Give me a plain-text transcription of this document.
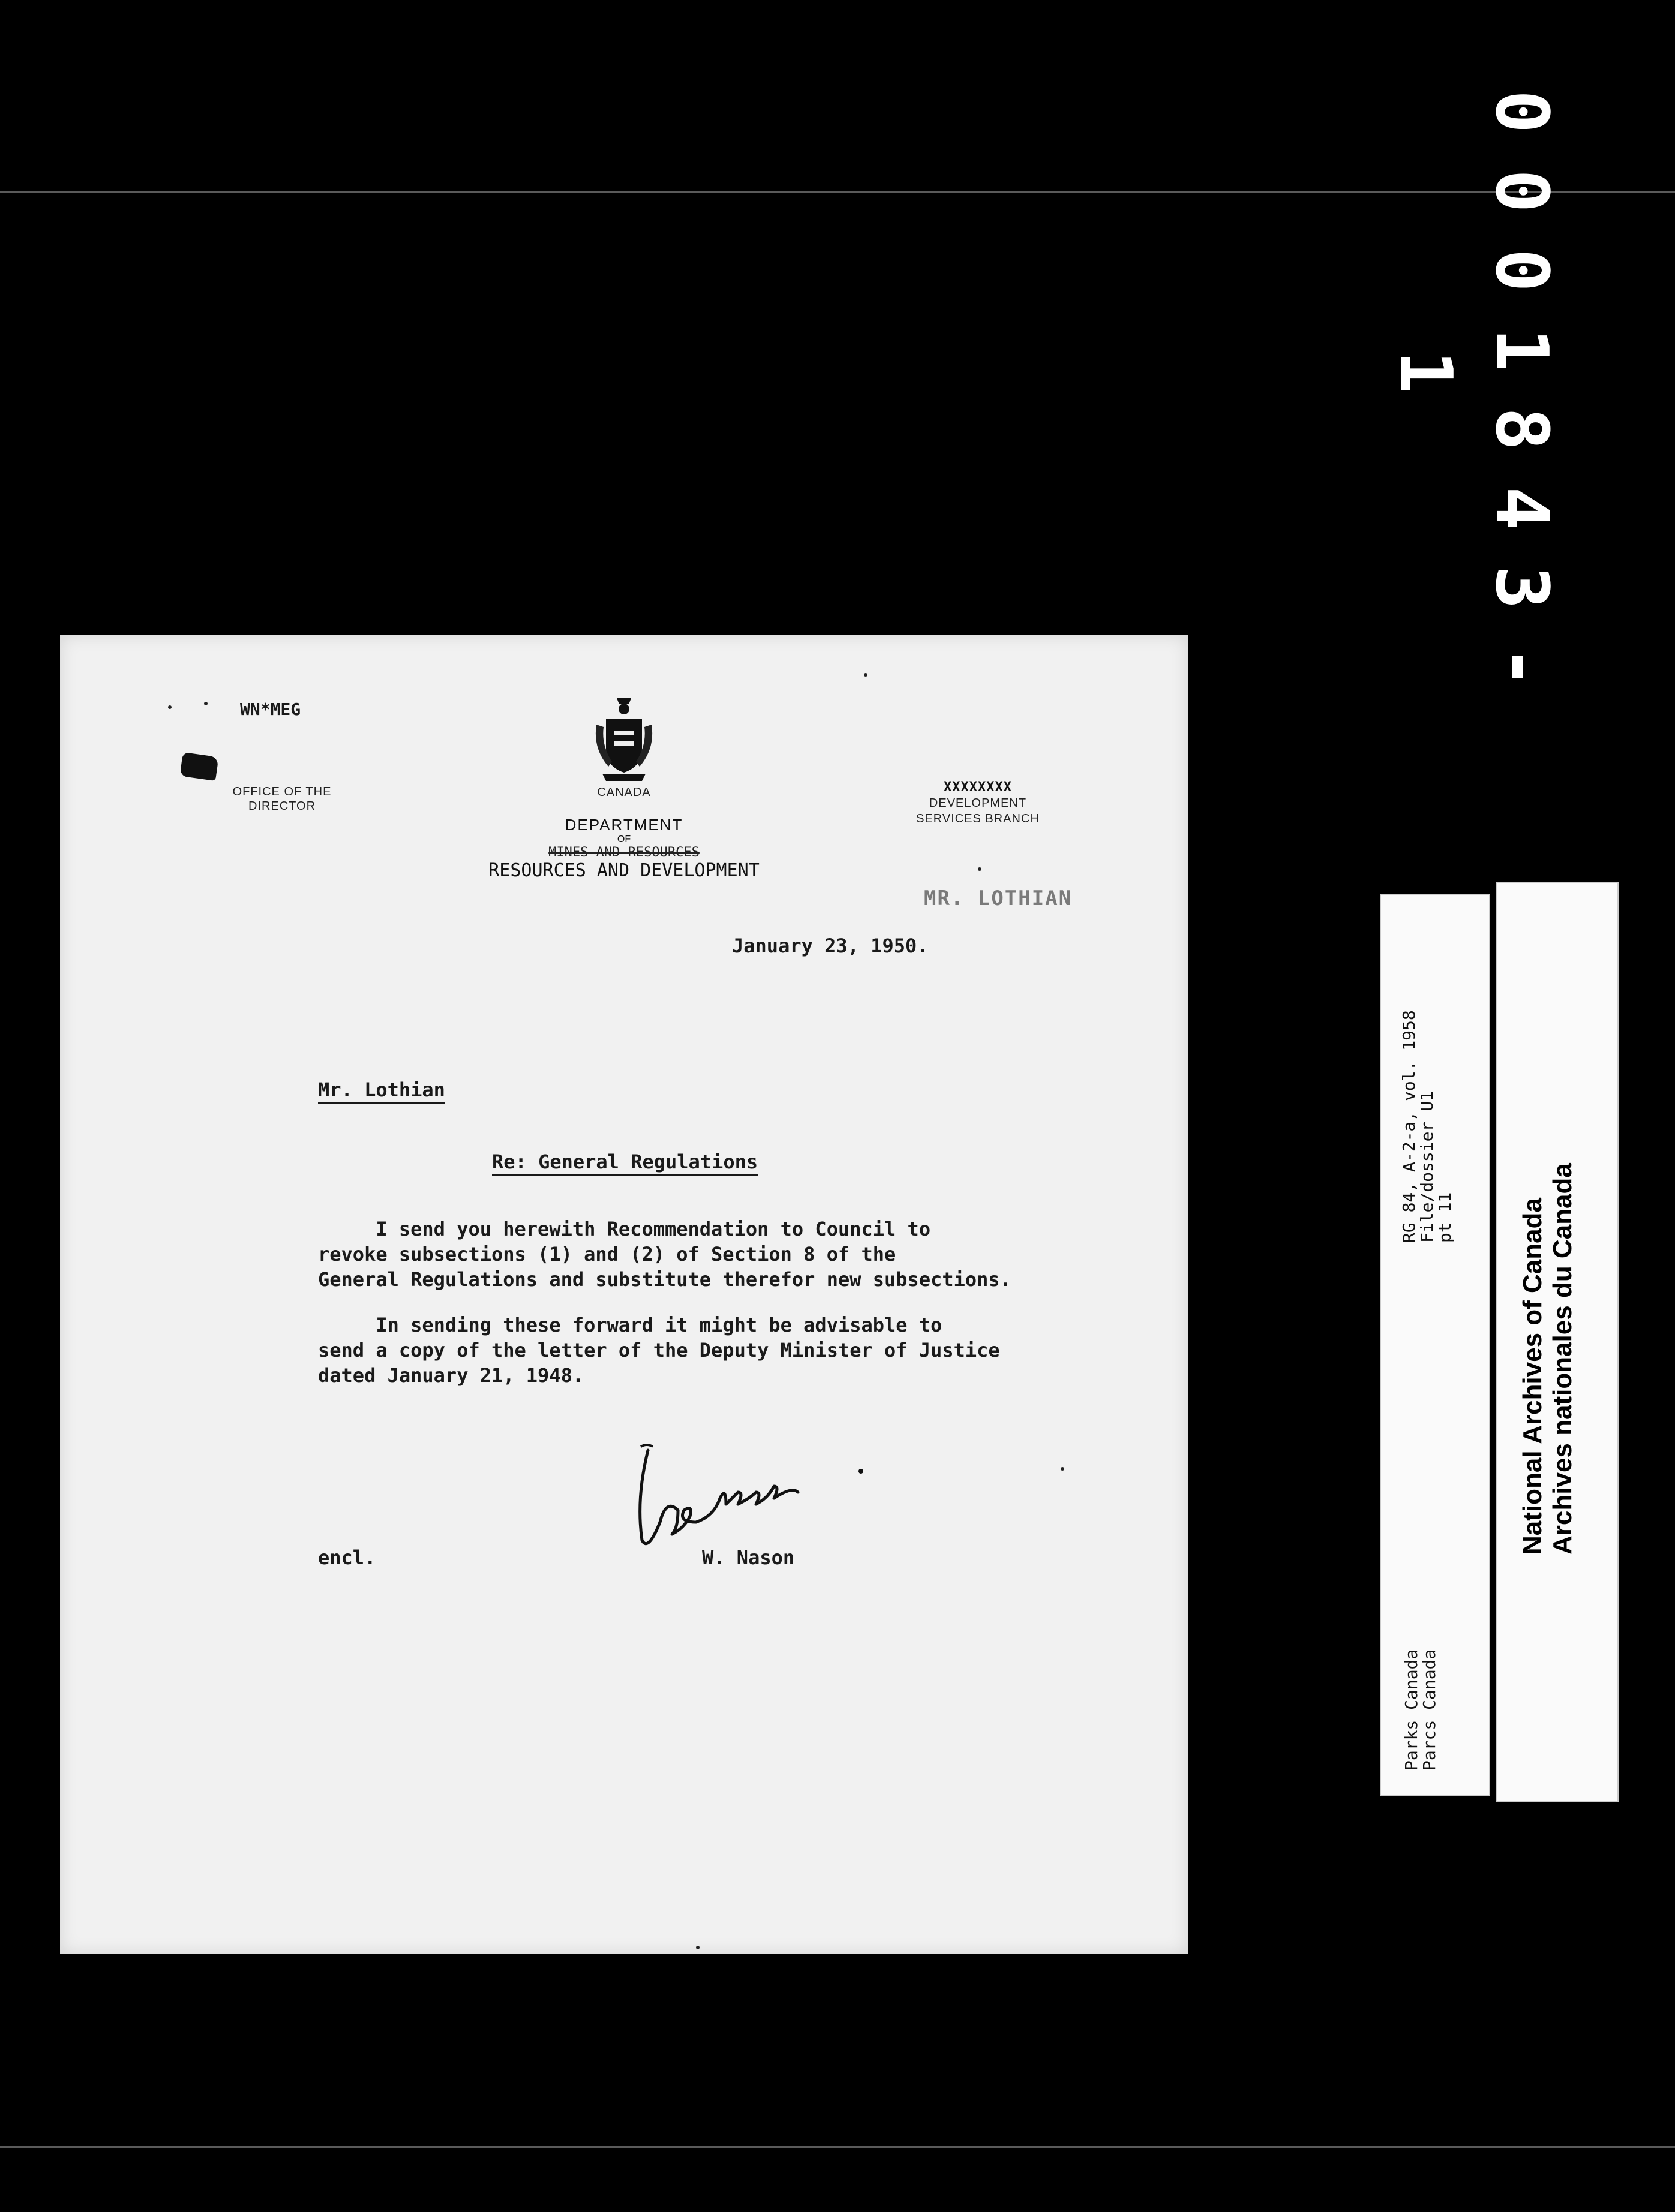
0001843-1
WN*MEG
OFFICE OF THE
DIRECTOR
CANADA
DEPARTMENT
OF
MINES AND RESOURCES
RESOURCES AND DEVELOPMENT
XXXXXXXX
DEVELOPMENT
SERVICES BRANCH
MR. LOTHIAN
January 23, 1950.
Mr. Lothian
Re: General Regulations
I send you herewith Recommendation to Council to
revoke subsections (1) and (2) of Section 8 of the
General Regulations and substitute therefor new subsections.
In sending these forward it might be advisable to
send a copy of the letter of the Deputy Minister of Justice
dated January 21, 1948.
encl.	W. Nason
RG 84, A-2-a, vol. 1958
File/dossier U1
pt 11
Parks Canada
Parcs Canada
National Archives of Canada
Archives nationales du Canada
